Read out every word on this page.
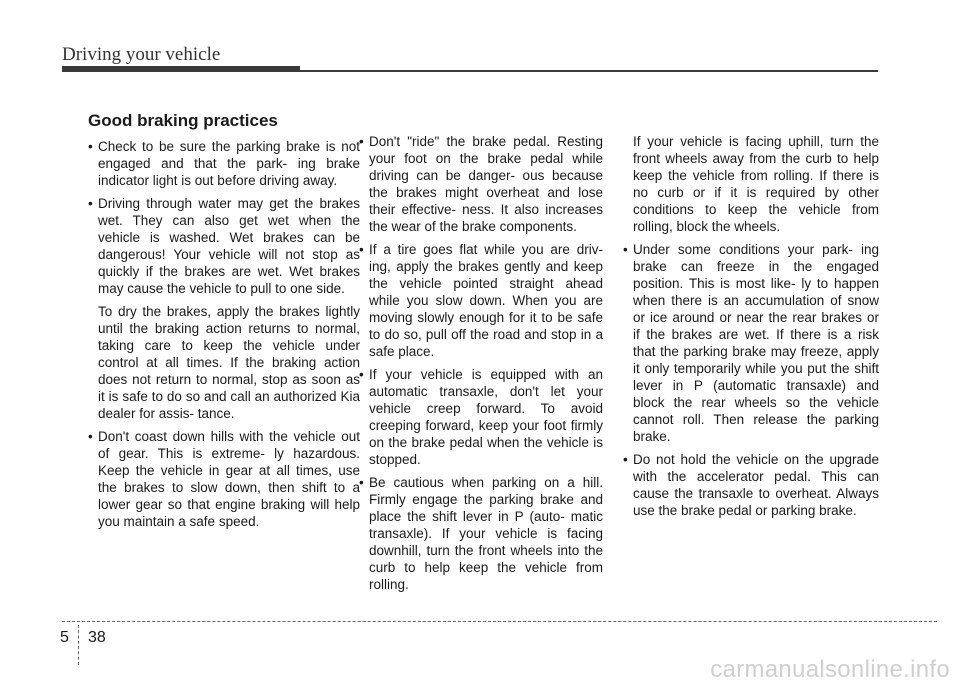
Driving your vehicle
Good braking practices
• Check to be sure the parking brake is not engaged and that the park- ing brake indicator light is out before driving away.
• Driving through water may get the brakes wet. They can also get wet when the vehicle is washed. Wet brakes can be dangerous! Your vehicle will not stop as quickly if the brakes are wet. Wet brakes may cause the vehicle to pull to one side.
To dry the brakes, apply the brakes lightly until the braking action returns to normal, taking care to keep the vehicle under control at all times. If the braking action does not return to normal, stop as soon as it is safe to do so and call an authorized Kia dealer for assis- tance.
• Don't coast down hills with the vehicle out of gear. This is extreme- ly hazardous. Keep the vehicle in gear at all times, use the brakes to slow down, then shift to a lower gear so that engine braking will help you maintain a safe speed.
• Don't "ride" the brake pedal. Resting your foot on the brake pedal while driving can be danger- ous because the brakes might overheat and lose their effective- ness. It also increases the wear of the brake components.
• If a tire goes flat while you are driv- ing, apply the brakes gently and keep the vehicle pointed straight ahead while you slow down. When you are moving slowly enough for it to be safe to do so, pull off the road and stop in a safe place.
• If your vehicle is equipped with an automatic transaxle, don't let your vehicle creep forward. To avoid creeping forward, keep your foot firmly on the brake pedal when the vehicle is stopped.
• Be cautious when parking on a hill. Firmly engage the parking brake and place the shift lever in P (auto- matic transaxle). If your vehicle is facing downhill, turn the front wheels into the curb to help keep the vehicle from rolling.
If your vehicle is facing uphill, turn the front wheels away from the curb to help keep the vehicle from rolling. If there is no curb or if it is required by other conditions to keep the vehicle from rolling, block the wheels.
• Under some conditions your park- ing brake can freeze in the engaged position. This is most like- ly to happen when there is an accumulation of snow or ice around or near the rear brakes or if the brakes are wet. If there is a risk that the parking brake may freeze, apply it only temporarily while you put the shift lever in P (automatic transaxle) and block the rear wheels so the vehicle cannot roll. Then release the parking brake.
• Do not hold the vehicle on the upgrade with the accelerator pedal. This can cause the transaxle to overheat. Always use the brake pedal or parking brake.
5 38
carmanualsonline.info
